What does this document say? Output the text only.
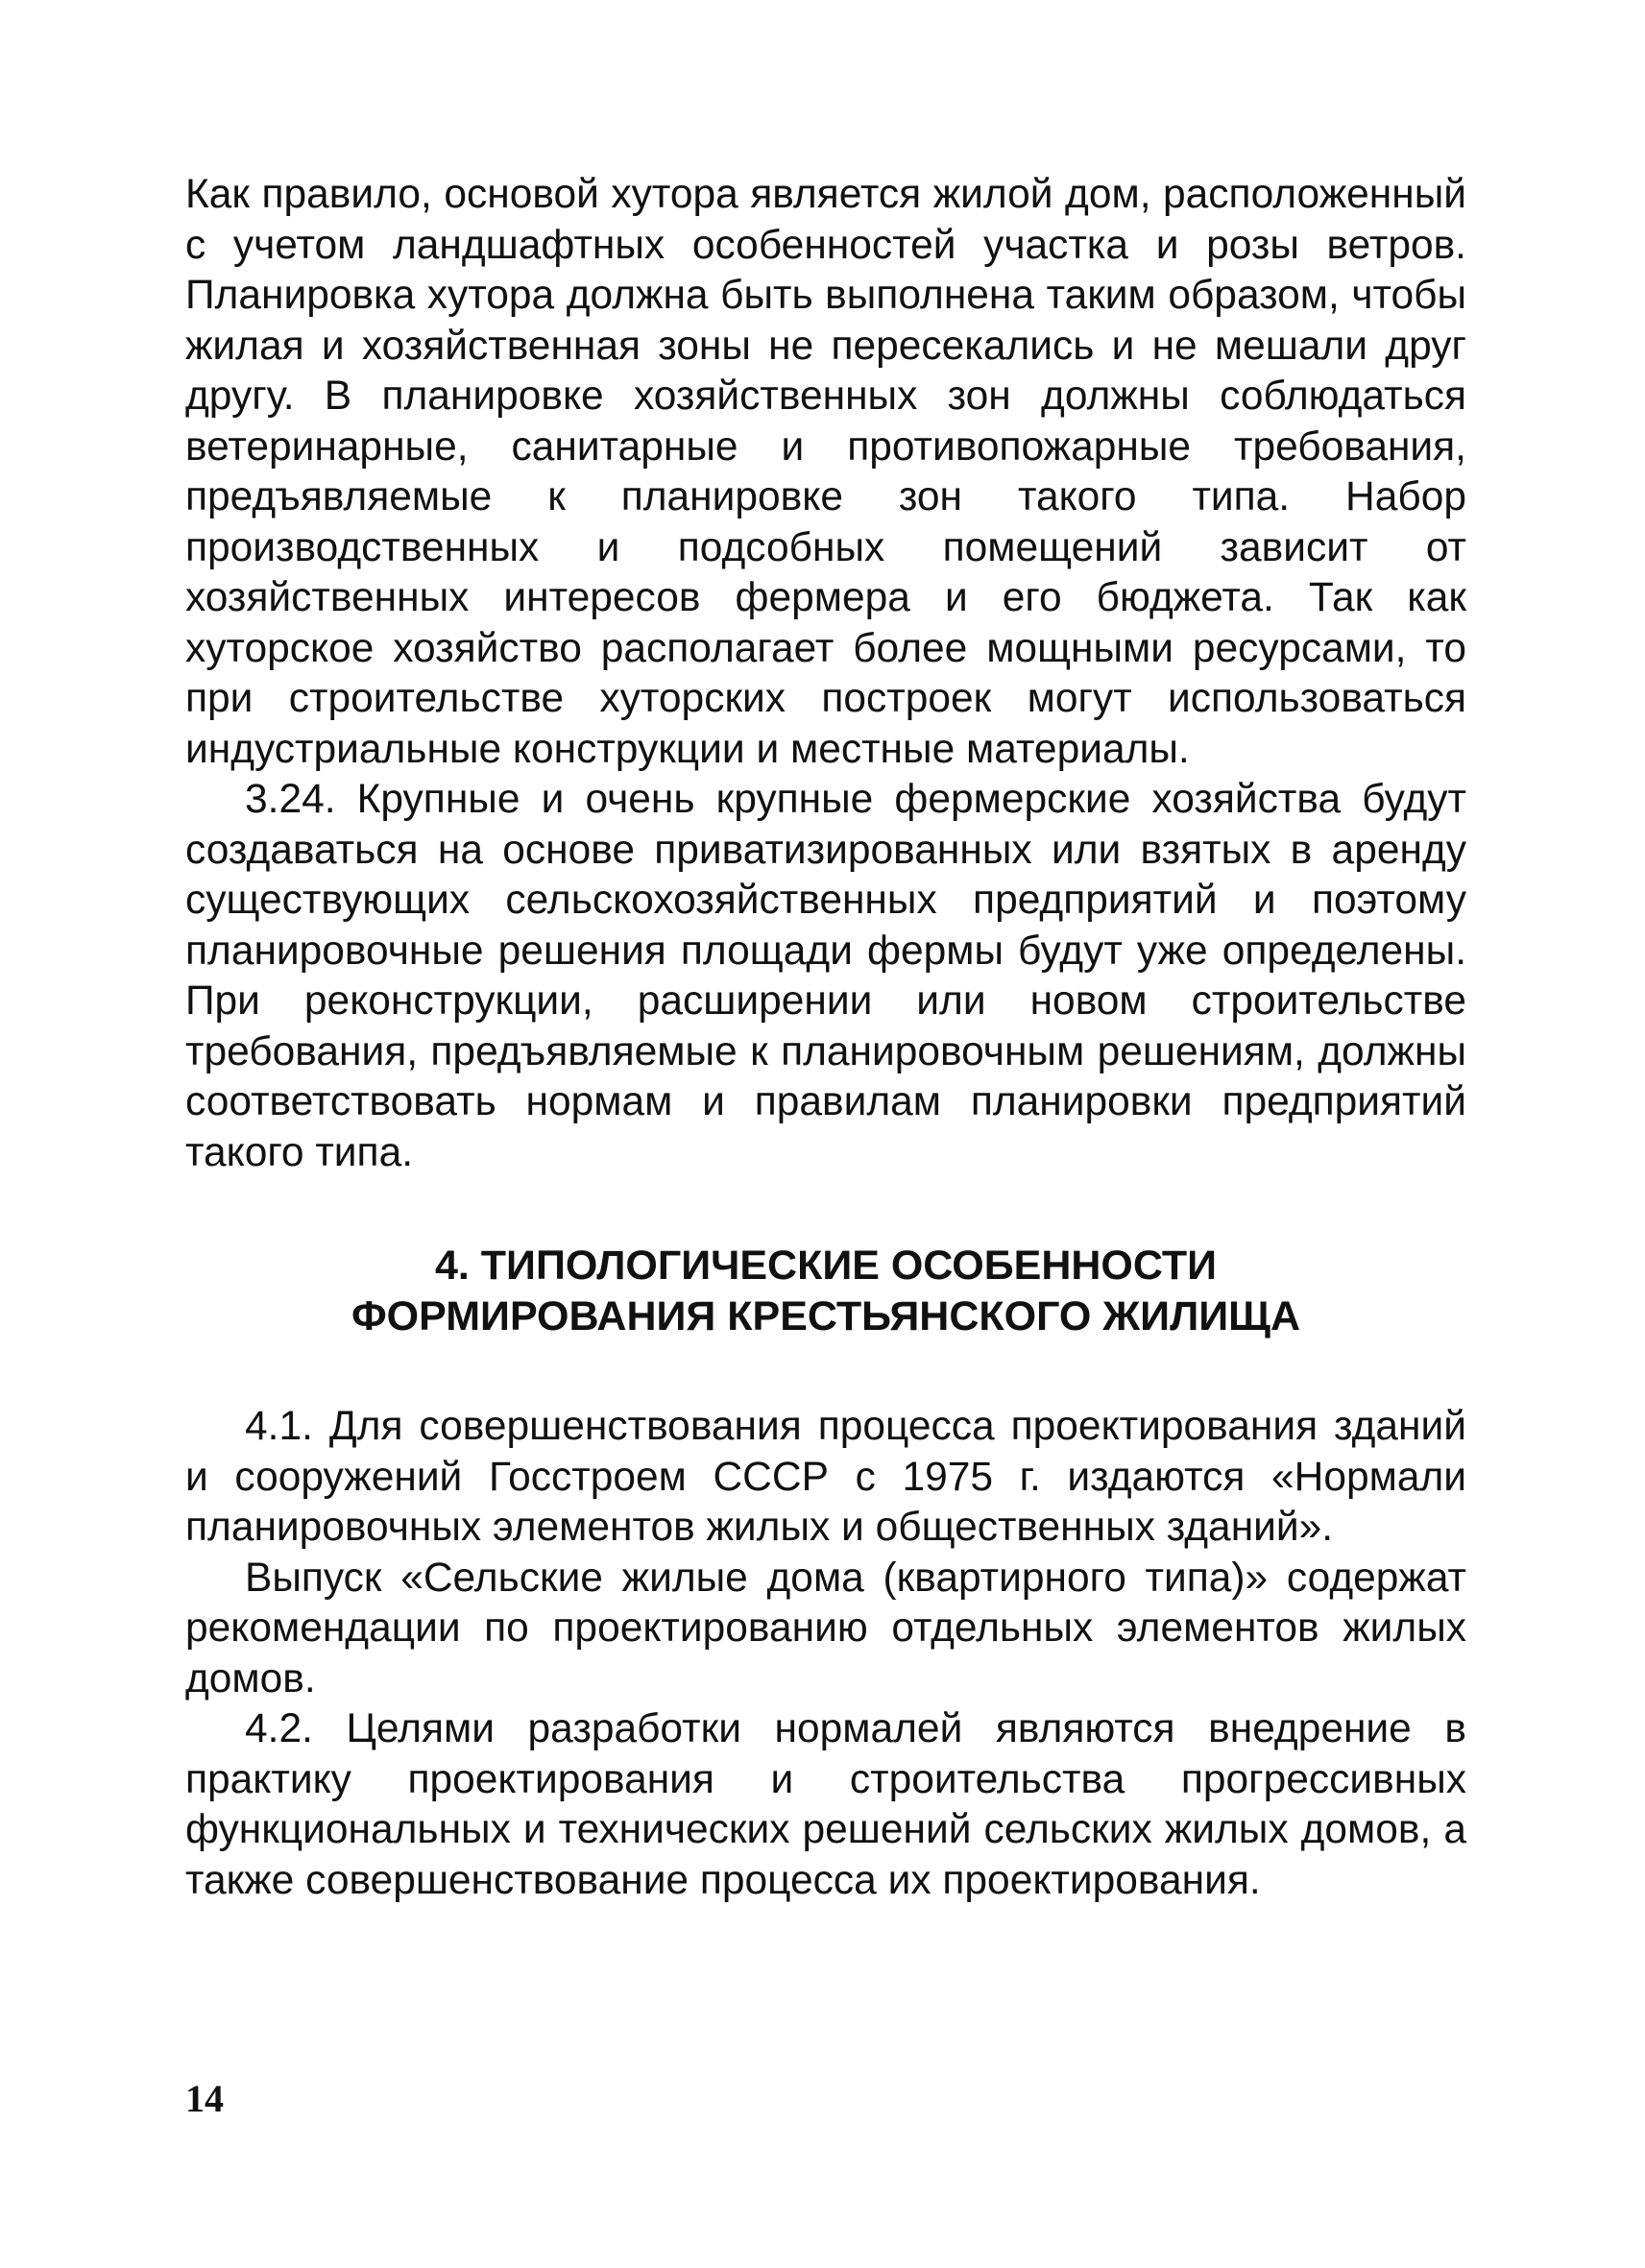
Как правило, основой хутора является жилой дом, расположенный с учетом ландшафтных особенностей участка и розы ветров. Планировка хутора должна быть выполнена таким образом, чтобы жилая и хозяйственная зоны не пересекались и не мешали друг другу. В планировке хозяйственных зон должны соблюдаться ветеринарные, санитарные и противопожарные требования, предъявляемые к планировке зон такого типа. Набор производственных и подсобных помещений зависит от хозяйственных интересов фермера и его бюджета. Так как хуторское хозяйство располагает более мощными ресурсами, то при строительстве хуторских построек могут использоваться индустриальные конструкции и местные материалы.

3.24. Крупные и очень крупные фермерские хозяйства будут создаваться на основе приватизированных или взятых в аренду существующих сельскохозяйственных предприятий и поэтому планировочные решения площади фермы будут уже определены. При реконструкции, расширении или новом строительстве требования, предъявляемые к планировочным решениям, должны соответствовать нормам и правилам планировки предприятий такого типа.

4. ТИПОЛОГИЧЕСКИЕ ОСОБЕННОСТИ

ФОРМИРОВАНИЯ КРЕСТЬЯНСКОГО ЖИЛИЩА

4.1. Для совершенствования процесса проектирования зданий и сооружений Госстроем СССР с 1975 г. издаются «Нормали планировочных элементов жилых и общественных зданий».

Выпуск «Сельские жилые дома (квартирного типа)» содержат рекомендации по проектированию отдельных элементов жилых домов.

4.2. Целями разработки нормалей являются внедрение в практику проектирования и строительства прогрессивных функциональных и технических решений сельских жилых домов, а также совершенствование процесса их проектирования.

14
